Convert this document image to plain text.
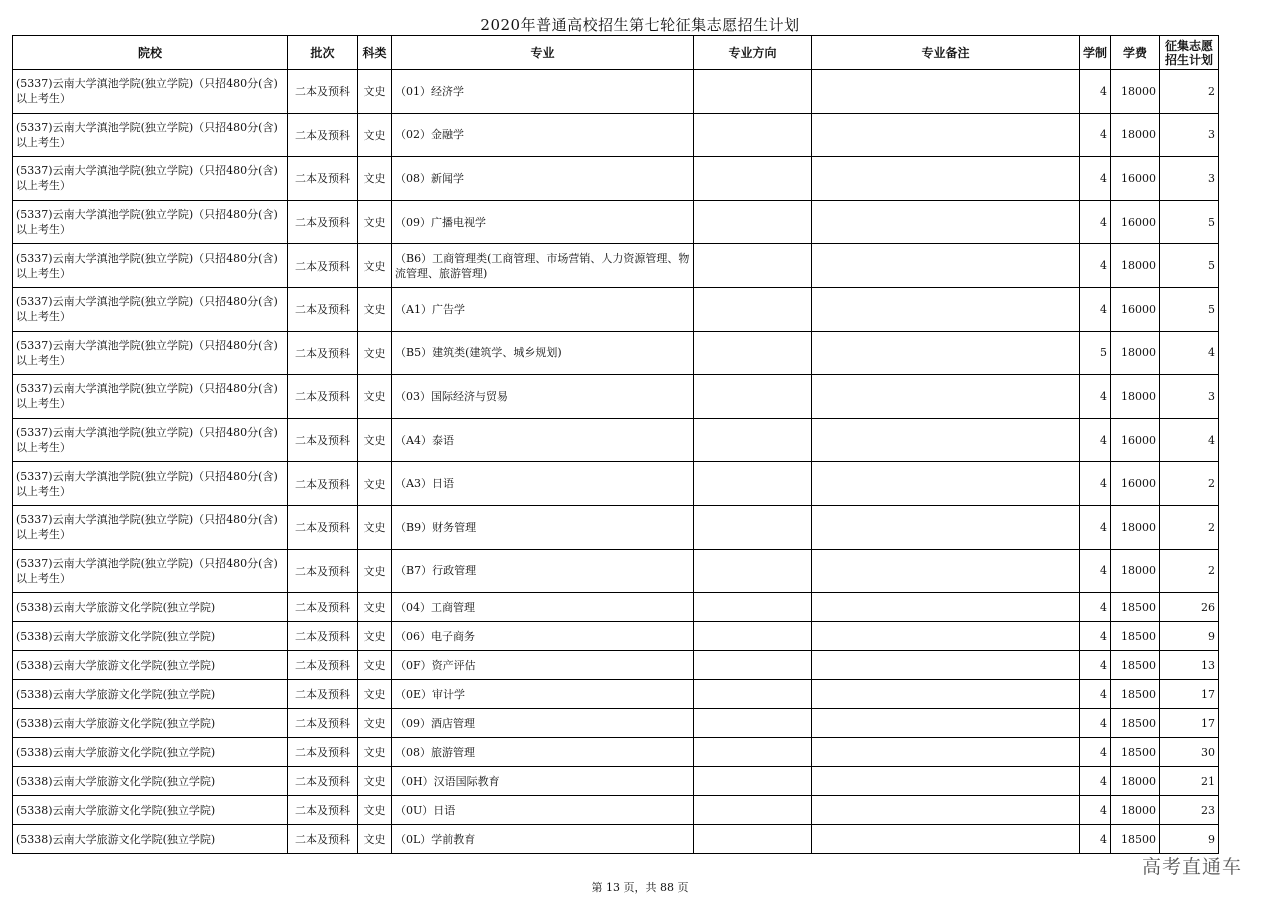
2020年普通高校招生第七轮征集志愿招生计划
院校	批次	科类	专业	专业方向	专业备注	学制	学费	征集志愿
招生计划

(5337)云南大学滇池学院(独立学院)（只招480分(含)以上考生）	二本及预科	文史	（01）经济学			4	18000	2
(5337)云南大学滇池学院(独立学院)（只招480分(含)以上考生）	二本及预科	文史	（02）金融学			4	18000	3
(5337)云南大学滇池学院(独立学院)（只招480分(含)以上考生）	二本及预科	文史	（08）新闻学			4	16000	3
(5337)云南大学滇池学院(独立学院)（只招480分(含)以上考生）	二本及预科	文史	（09）广播电视学			4	16000	5
(5337)云南大学滇池学院(独立学院)（只招480分(含)以上考生）	二本及预科	文史	（B6）工商管理类(工商管理、市场营销、人力资源管理、物流管理、旅游管理)			4	18000	5
(5337)云南大学滇池学院(独立学院)（只招480分(含)以上考生）	二本及预科	文史	（A1）广告学			4	16000	5
(5337)云南大学滇池学院(独立学院)（只招480分(含)以上考生）	二本及预科	文史	（B5）建筑类(建筑学、城乡规划)			5	18000	4
(5337)云南大学滇池学院(独立学院)（只招480分(含)以上考生）	二本及预科	文史	（03）国际经济与贸易			4	18000	3
(5337)云南大学滇池学院(独立学院)（只招480分(含)以上考生）	二本及预科	文史	（A4）泰语			4	16000	4
(5337)云南大学滇池学院(独立学院)（只招480分(含)以上考生）	二本及预科	文史	（A3）日语			4	16000	2
(5337)云南大学滇池学院(独立学院)（只招480分(含)以上考生）	二本及预科	文史	（B9）财务管理			4	18000	2
(5337)云南大学滇池学院(独立学院)（只招480分(含)以上考生）	二本及预科	文史	（B7）行政管理			4	18000	2
(5338)云南大学旅游文化学院(独立学院)	二本及预科	文史	（04）工商管理			4	18500	26
(5338)云南大学旅游文化学院(独立学院)	二本及预科	文史	（06）电子商务			4	18500	9
(5338)云南大学旅游文化学院(独立学院)	二本及预科	文史	（0F）资产评估			4	18500	13
(5338)云南大学旅游文化学院(独立学院)	二本及预科	文史	（0E）审计学			4	18500	17
(5338)云南大学旅游文化学院(独立学院)	二本及预科	文史	（09）酒店管理			4	18500	17
(5338)云南大学旅游文化学院(独立学院)	二本及预科	文史	（08）旅游管理			4	18500	30
(5338)云南大学旅游文化学院(独立学院)	二本及预科	文史	（0H）汉语国际教育			4	18000	21
(5338)云南大学旅游文化学院(独立学院)	二本及预科	文史	（0U）日语			4	18000	23
(5338)云南大学旅游文化学院(独立学院)	二本及预科	文史	（0L）学前教育			4	18500	9
第 13 页，共 88 页
高考直通车
